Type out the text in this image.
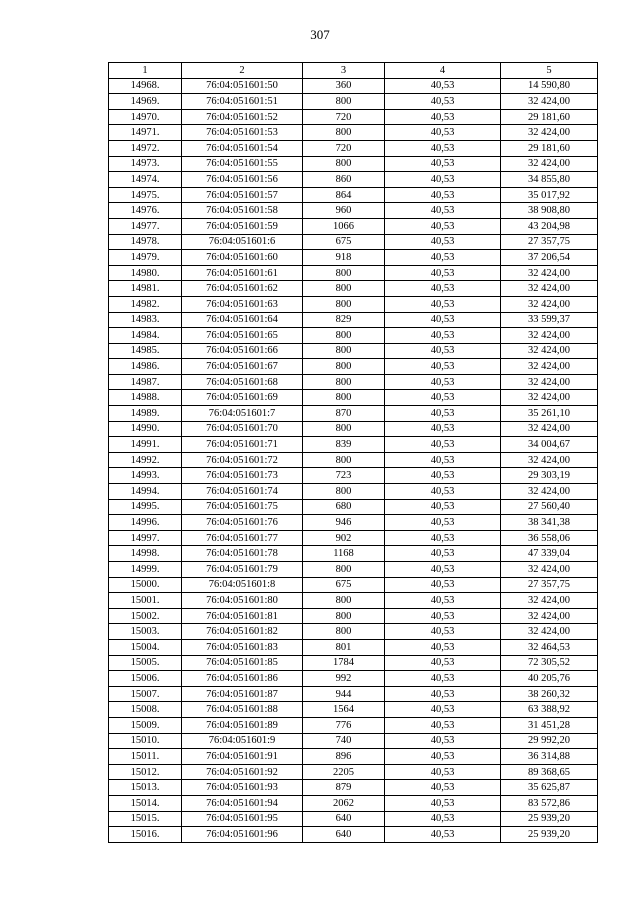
307
1	2	3	4	5
14968.	76:04:051601:50	360	40,53	14 590,80
14969.	76:04:051601:51	800	40,53	32 424,00
14970.	76:04:051601:52	720	40,53	29 181,60
14971.	76:04:051601:53	800	40,53	32 424,00
14972.	76:04:051601:54	720	40,53	29 181,60
14973.	76:04:051601:55	800	40,53	32 424,00
14974.	76:04:051601:56	860	40,53	34 855,80
14975.	76:04:051601:57	864	40,53	35 017,92
14976.	76:04:051601:58	960	40,53	38 908,80
14977.	76:04:051601:59	1066	40,53	43 204,98
14978.	76:04:051601:6	675	40,53	27 357,75
14979.	76:04:051601:60	918	40,53	37 206,54
14980.	76:04:051601:61	800	40,53	32 424,00
14981.	76:04:051601:62	800	40,53	32 424,00
14982.	76:04:051601:63	800	40,53	32 424,00
14983.	76:04:051601:64	829	40,53	33 599,37
14984.	76:04:051601:65	800	40,53	32 424,00
14985.	76:04:051601:66	800	40,53	32 424,00
14986.	76:04:051601:67	800	40,53	32 424,00
14987.	76:04:051601:68	800	40,53	32 424,00
14988.	76:04:051601:69	800	40,53	32 424,00
14989.	76:04:051601:7	870	40,53	35 261,10
14990.	76:04:051601:70	800	40,53	32 424,00
14991.	76:04:051601:71	839	40,53	34 004,67
14992.	76:04:051601:72	800	40,53	32 424,00
14993.	76:04:051601:73	723	40,53	29 303,19
14994.	76:04:051601:74	800	40,53	32 424,00
14995.	76:04:051601:75	680	40,53	27 560,40
14996.	76:04:051601:76	946	40,53	38 341,38
14997.	76:04:051601:77	902	40,53	36 558,06
14998.	76:04:051601:78	1168	40,53	47 339,04
14999.	76:04:051601:79	800	40,53	32 424,00
15000.	76:04:051601:8	675	40,53	27 357,75
15001.	76:04:051601:80	800	40,53	32 424,00
15002.	76:04:051601:81	800	40,53	32 424,00
15003.	76:04:051601:82	800	40,53	32 424,00
15004.	76:04:051601:83	801	40,53	32 464,53
15005.	76:04:051601:85	1784	40,53	72 305,52
15006.	76:04:051601:86	992	40,53	40 205,76
15007.	76:04:051601:87	944	40,53	38 260,32
15008.	76:04:051601:88	1564	40,53	63 388,92
15009.	76:04:051601:89	776	40,53	31 451,28
15010.	76:04:051601:9	740	40,53	29 992,20
15011.	76:04:051601:91	896	40,53	36 314,88
15012.	76:04:051601:92	2205	40,53	89 368,65
15013.	76:04:051601:93	879	40,53	35 625,87
15014.	76:04:051601:94	2062	40,53	83 572,86
15015.	76:04:051601:95	640	40,53	25 939,20
15016.	76:04:051601:96	640	40,53	25 939,20
